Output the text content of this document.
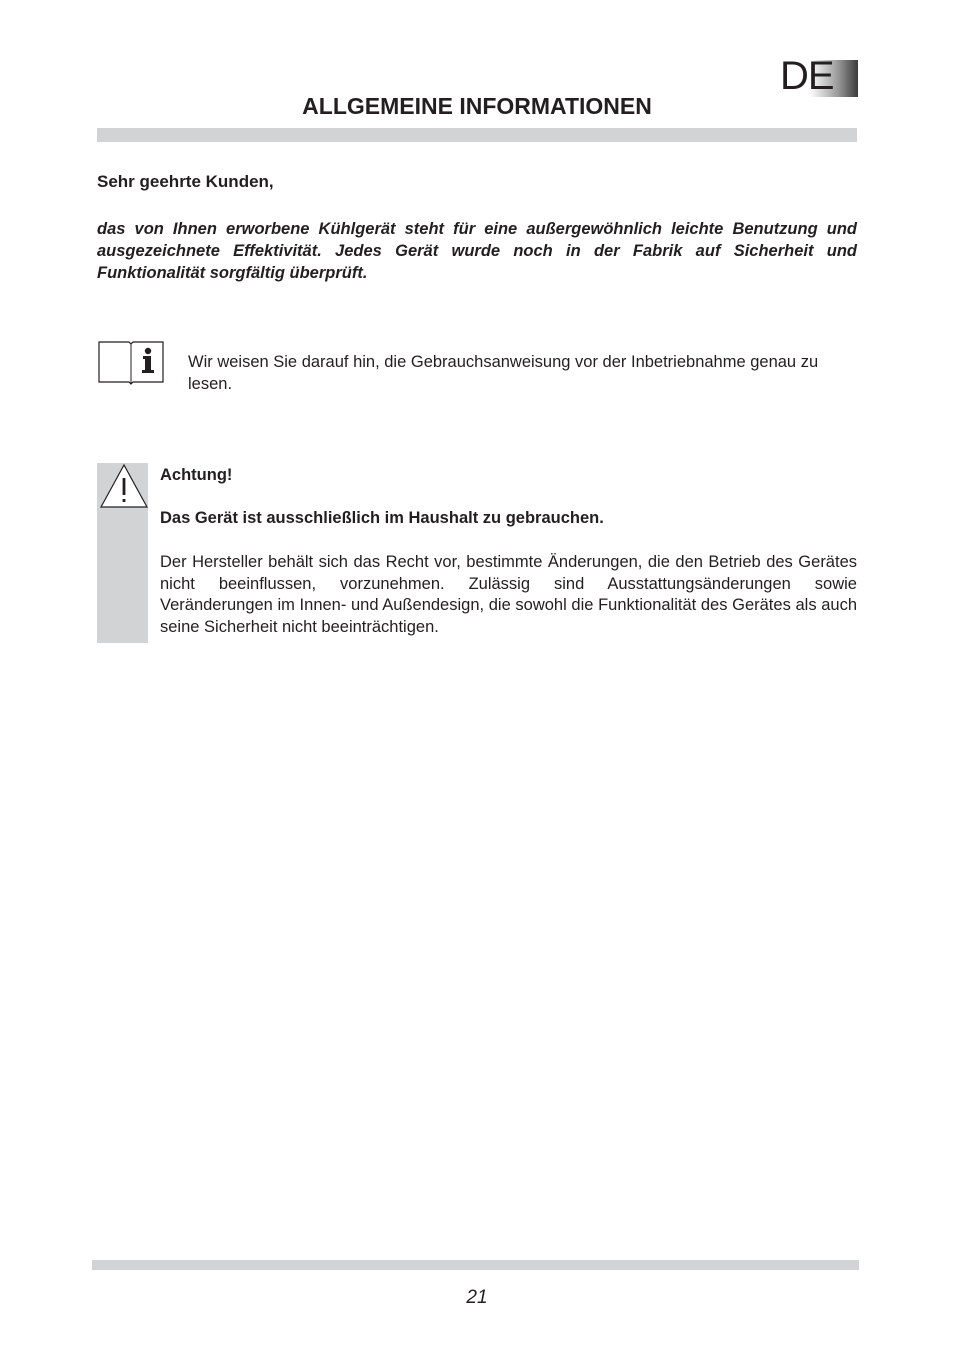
DE
ALLGEMEINE INFORMATIONEN
Sehr geehrte Kunden,
das von Ihnen erworbene Kühlgerät steht für eine außergewöhnlich leichte Benutzung und ausgezeichnete Effektivität. Jedes Gerät wurde noch in der Fabrik auf Sicherheit und Funktionalität sorgfältig überprüft.
Wir weisen Sie darauf hin, die Gebrauchsanweisung vor der Inbetriebnahme genau zu lesen.
Achtung!
Das Gerät ist ausschließlich im Haushalt zu gebrauchen.
Der Hersteller behält sich das Recht vor, bestimmte Änderungen, die den Betrieb des Gerätes nicht beeinflussen, vorzunehmen. Zulässig sind Ausstattungsänderungen sowie Veränderungen im Innen- und Außendesign, die sowohl die Funktionalität des Gerätes als auch seine Sicherheit nicht beeinträchtigen.
21
